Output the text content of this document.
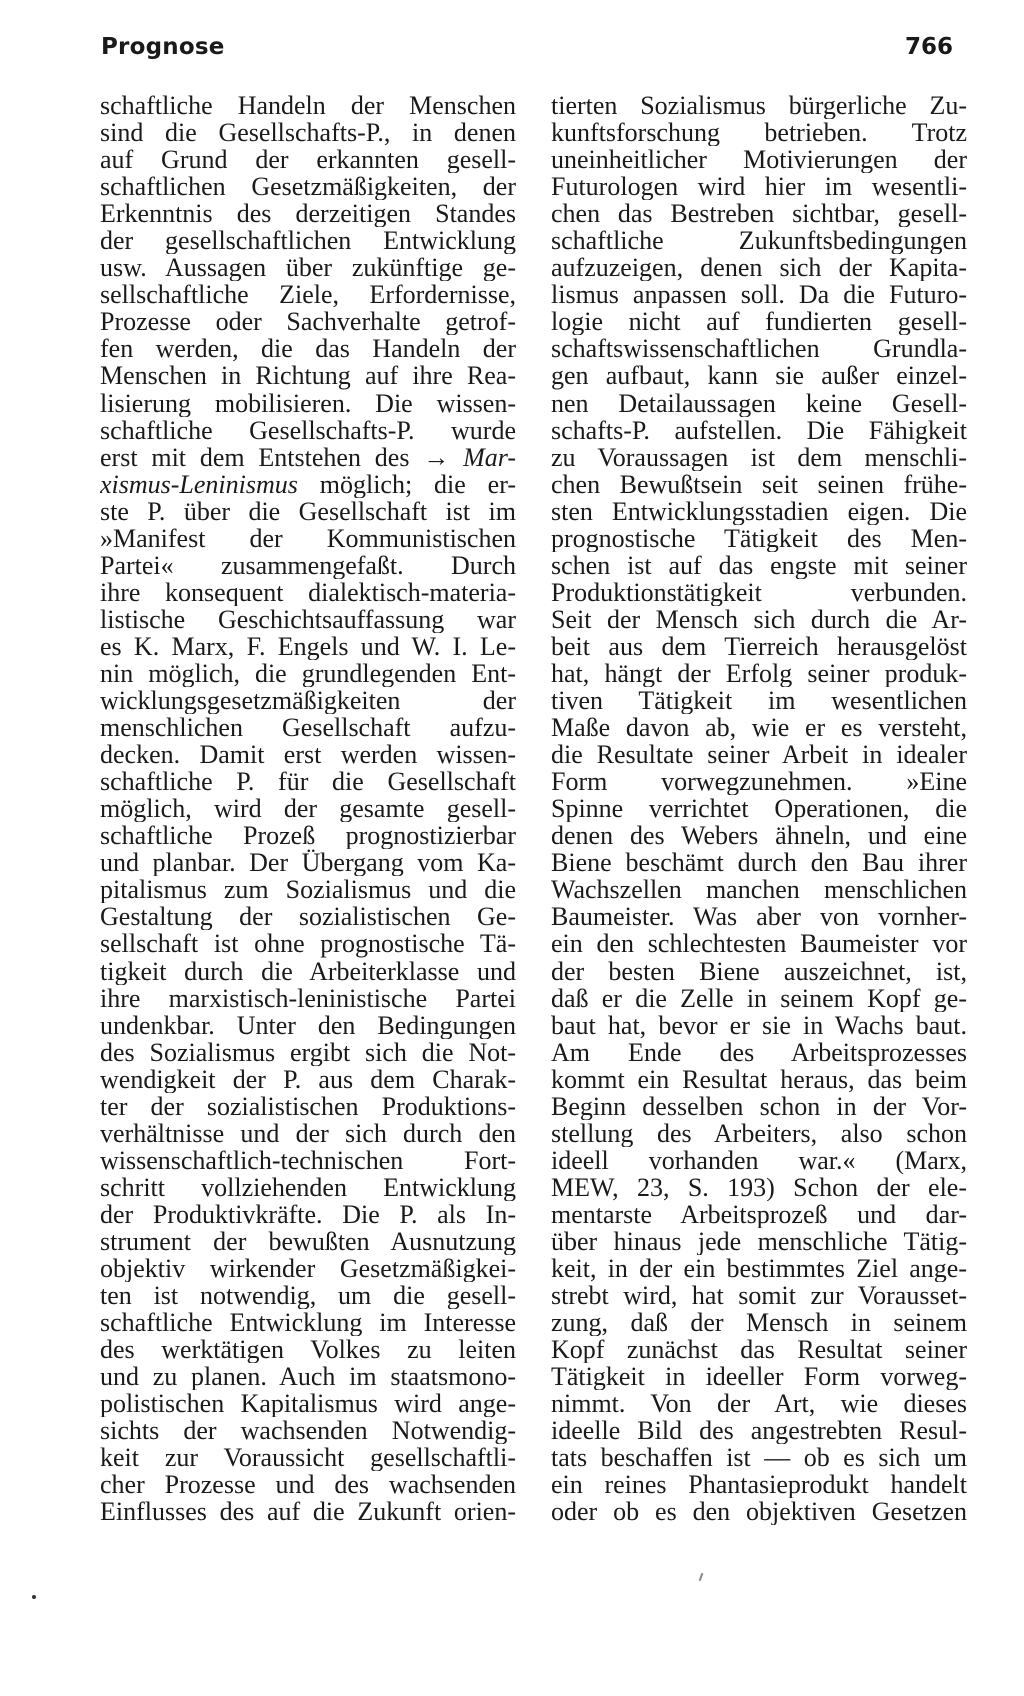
Prognose	766
schaftliche Handeln der Menschen
sind die Gesellschafts-P., in denen
auf Grund der erkannten gesell-
schaftlichen Gesetzmäßigkeiten, der
Erkenntnis des derzeitigen Standes
der gesellschaftlichen Entwicklung
usw. Aussagen über zukünftige ge-
sellschaftliche Ziele, Erfordernisse,
Prozesse oder Sachverhalte getrof-
fen werden, die das Handeln der
Menschen in Richtung auf ihre Rea-
lisierung mobilisieren. Die wissen-
schaftliche Gesellschafts-P. wurde
erst mit dem Entstehen des → Mar-
xismus-Leninismus möglich; die er-
ste P. über die Gesellschaft ist im
»Manifest der Kommunistischen
Partei« zusammengefaßt. Durch
ihre konsequent dialektisch-materia-
listische Geschichtsauffassung war
es K. Marx, F. Engels und W. I. Le-
nin möglich, die grundlegenden Ent-
wicklungsgesetzmäßigkeiten der
menschlichen Gesellschaft aufzu-
decken. Damit erst werden wissen-
schaftliche P. für die Gesellschaft
möglich, wird der gesamte gesell-
schaftliche Prozeß prognostizierbar
und planbar. Der Übergang vom Ka-
pitalismus zum Sozialismus und die
Gestaltung der sozialistischen Ge-
sellschaft ist ohne prognostische Tä-
tigkeit durch die Arbeiterklasse und
ihre marxistisch-leninistische Partei
undenkbar. Unter den Bedingungen
des Sozialismus ergibt sich die Not-
wendigkeit der P. aus dem Charak-
ter der sozialistischen Produktions-
verhältnisse und der sich durch den
wissenschaftlich-technischen Fort-
schritt vollziehenden Entwicklung
der Produktivkräfte. Die P. als In-
strument der bewußten Ausnutzung
objektiv wirkender Gesetzmäßigkei-
ten ist notwendig, um die gesell-
schaftliche Entwicklung im Interesse
des werktätigen Volkes zu leiten
und zu planen. Auch im staatsmono-
polistischen Kapitalismus wird ange-
sichts der wachsenden Notwendig-
keit zur Voraussicht gesellschaftli-
cher Prozesse und des wachsenden
Einflusses des auf die Zukunft orien-
tierten Sozialismus bürgerliche Zu-
kunftsforschung betrieben. Trotz
uneinheitlicher Motivierungen der
Futurologen wird hier im wesentli-
chen das Bestreben sichtbar, gesell-
schaftliche Zukunftsbedingungen
aufzuzeigen, denen sich der Kapita-
lismus anpassen soll. Da die Futuro-
logie nicht auf fundierten gesell-
schaftswissenschaftlichen Grundla-
gen aufbaut, kann sie außer einzel-
nen Detailaussagen keine Gesell-
schafts-P. aufstellen. Die Fähigkeit
zu Voraussagen ist dem menschli-
chen Bewußtsein seit seinen frühe-
sten Entwicklungsstadien eigen. Die
prognostische Tätigkeit des Men-
schen ist auf das engste mit seiner
Produktionstätigkeit verbunden.
Seit der Mensch sich durch die Ar-
beit aus dem Tierreich herausgelöst
hat, hängt der Erfolg seiner produk-
tiven Tätigkeit im wesentlichen
Maße davon ab, wie er es versteht,
die Resultate seiner Arbeit in idealer
Form vorwegzunehmen. »Eine
Spinne verrichtet Operationen, die
denen des Webers ähneln, und eine
Biene beschämt durch den Bau ihrer
Wachszellen manchen menschlichen
Baumeister. Was aber von vornher-
ein den schlechtesten Baumeister vor
der besten Biene auszeichnet, ist,
daß er die Zelle in seinem Kopf ge-
baut hat, bevor er sie in Wachs baut.
Am Ende des Arbeitsprozesses
kommt ein Resultat heraus, das beim
Beginn desselben schon in der Vor-
stellung des Arbeiters, also schon
ideell vorhanden war.« (Marx,
MEW, 23, S. 193) Schon der ele-
mentarste Arbeitsprozeß und dar-
über hinaus jede menschliche Tätig-
keit, in der ein bestimmtes Ziel ange-
strebt wird, hat somit zur Vorausset-
zung, daß der Mensch in seinem
Kopf zunächst das Resultat seiner
Tätigkeit in ideeller Form vorweg-
nimmt. Von der Art, wie dieses
ideelle Bild des angestrebten Resul-
tats beschaffen ist — ob es sich um
ein reines Phantasieprodukt handelt
oder ob es den objektiven Gesetzen
